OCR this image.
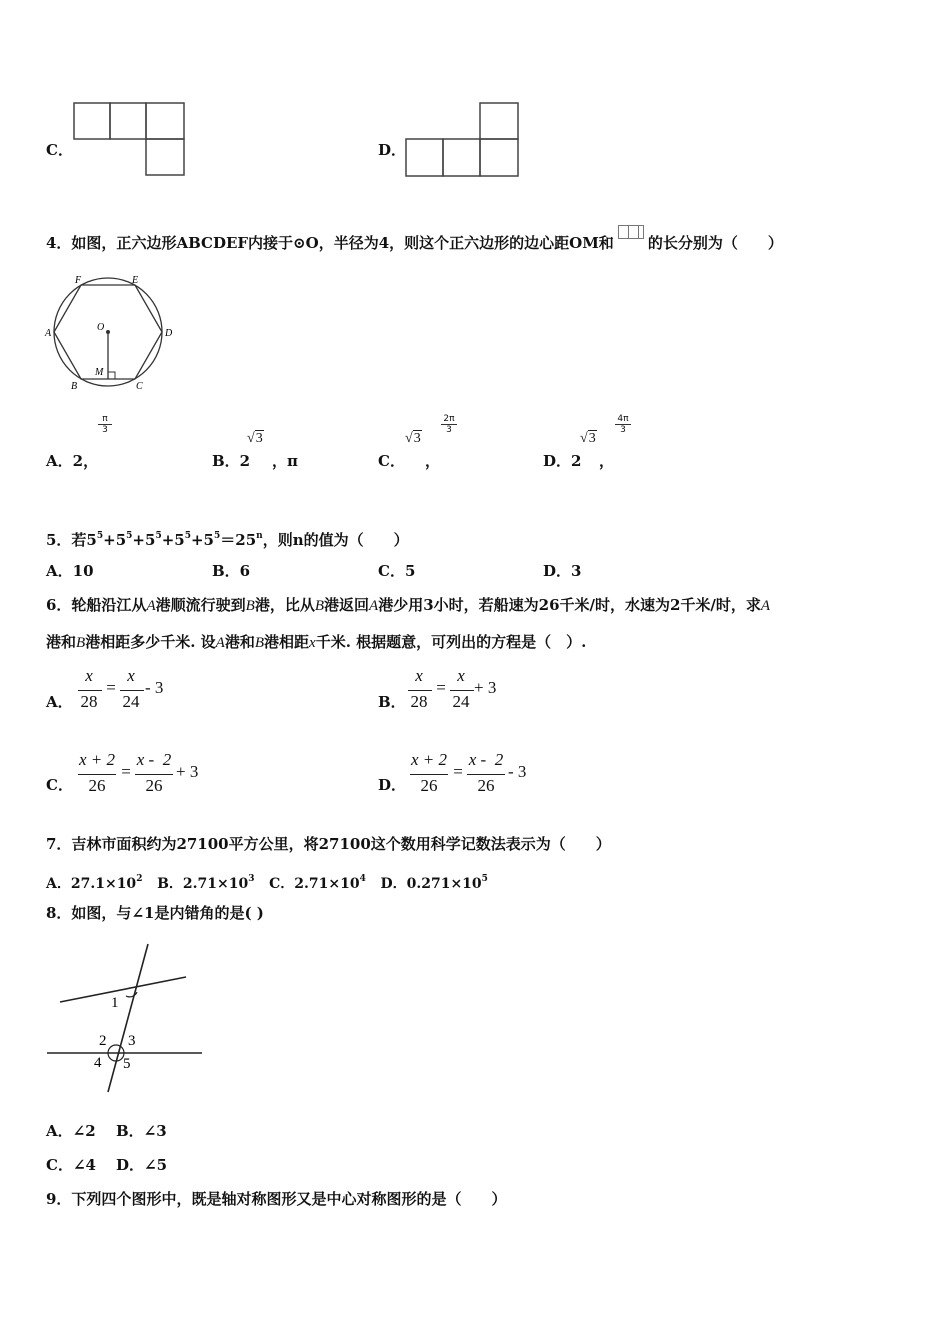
C．	D．
4．如图，正六边形ABCDEF内接于⊙O，半径为4，则这个正六边形的边心距OM和 的长分别为（　　）
F	E
A	D
O
B
M
C
π
3
2π
3
4π
3
A．2，	B．2
√3
，π	C．
√3
，	D．2
√3
，
5．若$5^5+5^5+5^5+5^5+5^5=25^n$，则n的值为（　　）
A．10	B．6	C．5	D．3
6．轮船沿江从A港顺流行驶到B港，比从B港返回A港少用3小时，若船速为26千米/时，水速为2千米/时，求A
港和B港相距多少千米. 设A港和B港相距x千米. 根据题意，可列出的方程是（　）.
A．
x
28
=
x
24
- 3
B．
x
28
=
x
24
+ 3
C．
x + 2
26
=
x -  2
26
+ 3
D．
x + 2
26
=
x -  2
26
- 3
7．吉林市面积约为27100平方公里，将27100这个数用科学记数法表示为（　　）
A．$27.1\times 10^2$ B．$2.71\times 10^3$ C．$2.71\times 10^4$ D．$0.271\times 10^5$
8．如图，与∠1是内错角的是( )
1
2 3
4 5
A．∠2 B．∠3
C．∠4 D．∠5
9．下列四个图形中，既是轴对称图形又是中心对称图形的是（　　）
